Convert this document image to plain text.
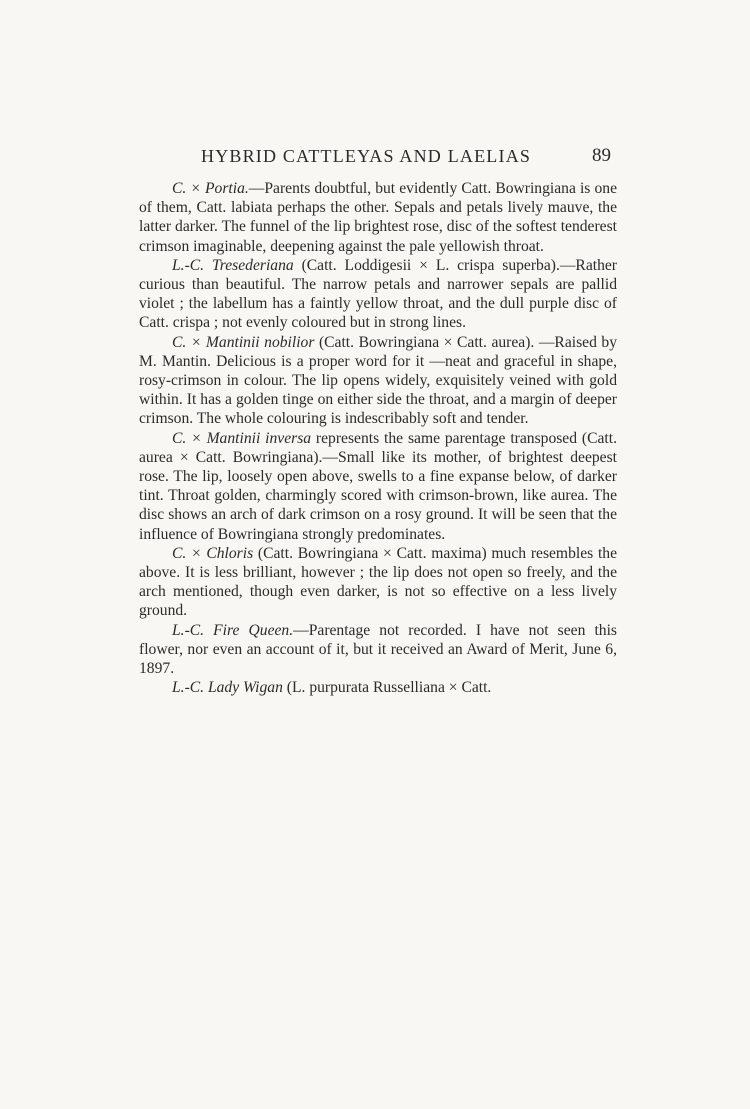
HYBRID CATTLEYAS AND LAELIAS	89

C. × Portia.—Parents doubtful, but evidently Catt. Bowringiana is one of them, Catt. labiata perhaps the other. Sepals and petals lively mauve, the latter darker. The funnel of the lip brightest rose, disc of the softest tenderest crimson imaginable, deepening against the pale yellowish throat.

L.-C. Tresederiana (Catt. Loddigesii × L. crispa superba).—Rather curious than beautiful. The narrow petals and narrower sepals are pallid violet ; the labellum has a faintly yellow throat, and the dull purple disc of Catt. crispa ; not evenly coloured but in strong lines.

C. × Mantinii nobilior (Catt. Bowringiana × Catt. aurea). —Raised by M. Mantin. Delicious is a proper word for it —neat and graceful in shape, rosy-crimson in colour. The lip opens widely, exquisitely veined with gold within. It has a golden tinge on either side the throat, and a margin of deeper crimson. The whole colouring is indescribably soft and tender.

C. × Mantinii inversa represents the same parentage transposed (Catt. aurea × Catt. Bowringiana).—Small like its mother, of brightest deepest rose. The lip, loosely open above, swells to a fine expanse below, of darker tint. Throat golden, charmingly scored with crimson-brown, like aurea. The disc shows an arch of dark crimson on a rosy ground. It will be seen that the influence of Bowringiana strongly predominates.

C. × Chloris (Catt. Bowringiana × Catt. maxima) much resembles the above. It is less brilliant, however ; the lip does not open so freely, and the arch mentioned, though even darker, is not so effective on a less lively ground.

L.-C. Fire Queen.—Parentage not recorded. I have not seen this flower, nor even an account of it, but it received an Award of Merit, June 6, 1897.

L.-C. Lady Wigan (L. purpurata Russelliana × Catt.
